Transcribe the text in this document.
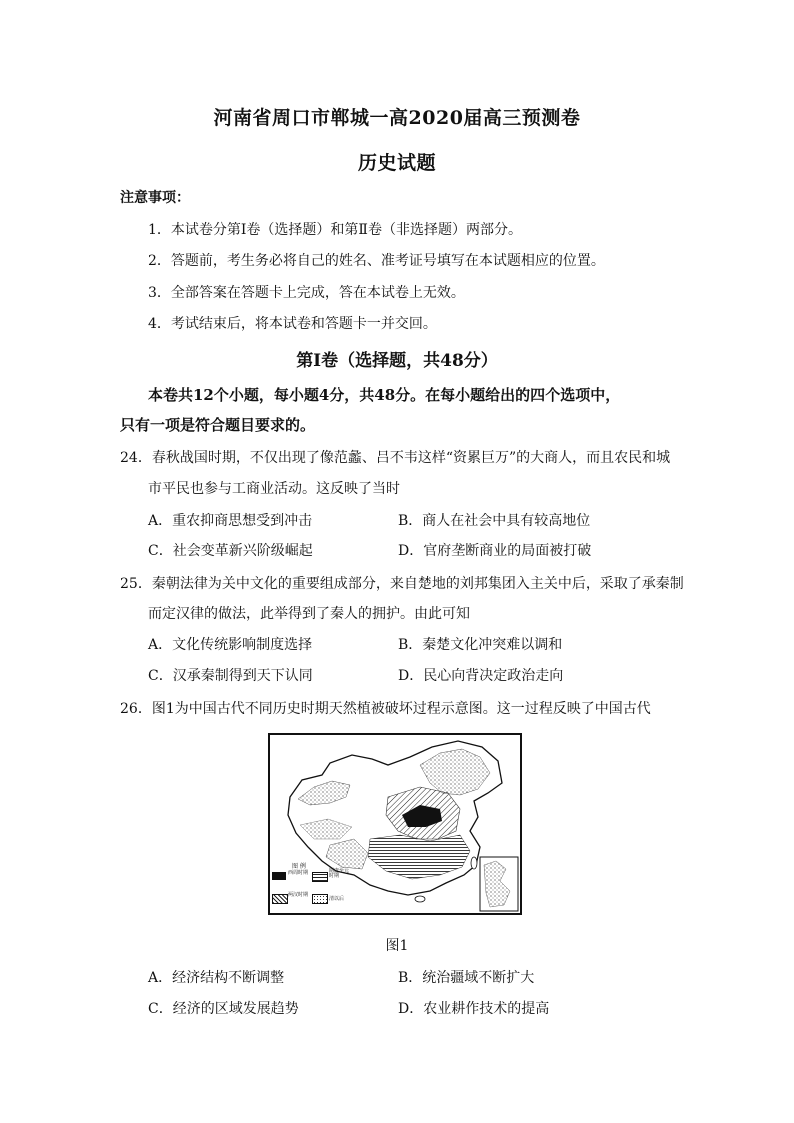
河南省周口市郸城一高2020届高三预测卷
历史试题
注意事项：
1．本试卷分第Ⅰ卷（选择题）和第Ⅱ卷（非选择题）两部分。
2．答题前，考生务必将自己的姓名、准考证号填写在本试题相应的位置。
3．全部答案在答题卡上完成，答在本试卷上无效。
4．考试结束后，将本试卷和答题卡一并交回。
第Ⅰ卷（选择题，共48分）
本卷共12个小题，每小题4分，共48分。在每小题给出的四个选项中，
只有一项是符合题目要求的。
24．春秋战国时期，不仅出现了像范蠡、吕不韦这样“资累巨万”的大商人，而且农民和城
市平民也参与工商业活动。这反映了当时
A．重农抑商思想受到冲击	B．商人在社会中具有较高地位
C．社会变革新兴阶级崛起	D．官府垄断商业的局面被打破
25．秦朝法律为关中文化的重要组成部分，来自楚地的刘邦集团入主关中后，采取了承秦制
而定汉律的做法，此举得到了秦人的拥护。由此可知
A．文化传统影响制度选择	B．秦楚文化冲突难以调和
C．汉承秦制得到天下认同	D．民心向背决定政治走向
26．图1为中国古代不同历史时期天然植被破坏过程示意图。这一过程反映了中国古代
图 例
西周时期	隋唐至元时期
两汉时期
清以后
图1
A．经济结构不断调整	B．统治疆域不断扩大
C．经济的区域发展趋势	D．农业耕作技术的提高
